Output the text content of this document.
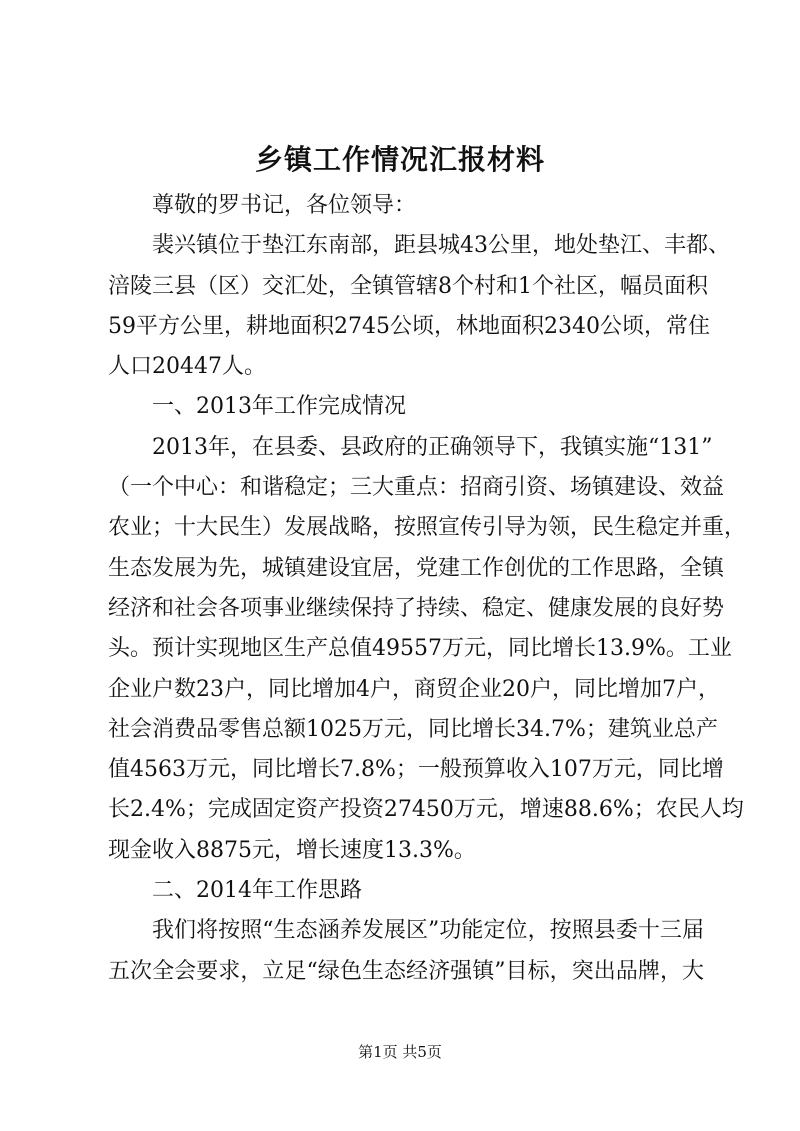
乡镇工作情况汇报材料
尊敬的罗书记，各位领导：
裴兴镇位于垫江东南部，距县城43公里，地处垫江、丰都、
涪陵三县（区）交汇处，全镇管辖8个村和1个社区，幅员面积
59平方公里，耕地面积2745公顷，林地面积2340公顷，常住
人口20447人。
一、2013年工作完成情况
2013年，在县委、县政府的正确领导下，我镇实施“131”
（一个中心：和谐稳定；三大重点：招商引资、场镇建设、效益
农业；十大民生）发展战略，按照宣传引导为领，民生稳定并重，
生态发展为先，城镇建设宜居，党建工作创优的工作思路，全镇
经济和社会各项事业继续保持了持续、稳定、健康发展的良好势
头。预计实现地区生产总值49557万元，同比增长13.9%。工业
企业户数23户，同比增加4户，商贸企业20户，同比增加7户，
社会消费品零售总额1025万元，同比增长34.7%；建筑业总产
值4563万元，同比增长7.8%；一般预算收入107万元，同比增
长2.4%；完成固定资产投资27450万元，增速88.6%；农民人均
现金收入8875元，增长速度13.3%。
二、2014年工作思路
我们将按照“生态涵养发展区”功能定位，按照县委十三届
五次全会要求，立足“绿色生态经济强镇”目标，突出品牌，大
第1页 共5页
